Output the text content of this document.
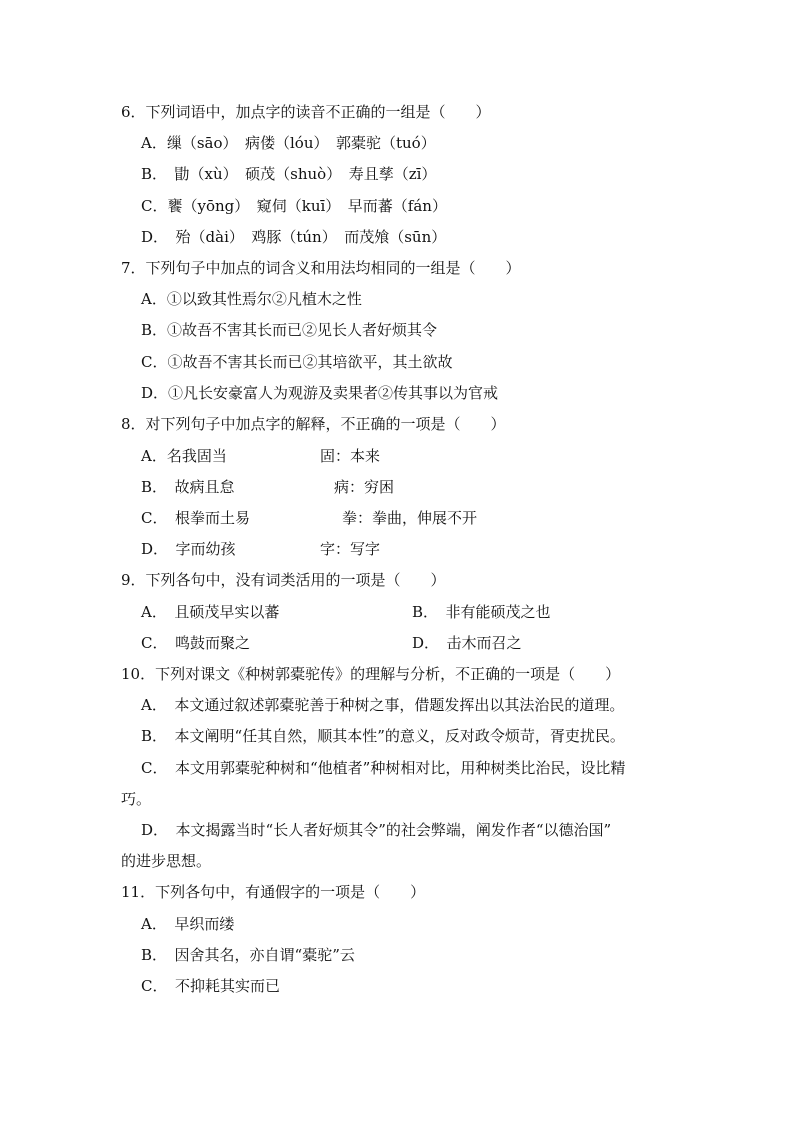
6．下列词语中，加点字的读音不正确的一组是（　　）
A．缫（sāo）　病偻（lóu）　郭橐驼（tuó）
B．　勖（xù）　硕茂（shuò）　寿且孳（zī）
C．饔（yōng）　窥伺（kuī）　早而蕃（fán）
D．　殆（dài）　鸡豚（tún）　而茂飧（sūn）
7．下列句子中加点的词含义和用法均相同的一组是（　　）
A．①以致其性焉尔②凡植木之性
B．①故吾不害其长而已②见长人者好烦其令
C．①故吾不害其长而已②其培欲平，其土欲故
D．①凡长安豪富人为观游及卖果者②传其事以为官戒
8．对下列句子中加点字的解释，不正确的一项是（　　）
A．名我固当	固：本来
B．　故病且怠	病：穷困
C．　根拳而土易	拳：拳曲，伸展不开
D．　字而幼孩	字：写字
9．下列各句中，没有词类活用的一项是（　　）
A．　且硕茂早实以蕃	B．　非有能硕茂之也
C．　鸣鼓而聚之	D．　击木而召之
10．下列对课文《种树郭橐驼传》的理解与分析，不正确的一项是（　　）
A．　本文通过叙述郭橐驼善于种树之事，借题发挥出以其法治民的道理。
B．　本文阐明“任其自然，顺其本性”的意义，反对政令烦苛，胥吏扰民。
C．　本文用郭橐驼种树和“他植者”种树相对比，用种树类比治民，设比精
巧。
D．　本文揭露当时“长人者好烦其令”的社会弊端，阐发作者“以德治国”
的进步思想。
11．下列各句中，有通假字的一项是（　　）
A．　早织而缕
B．　因舍其名，亦自谓“橐驼”云
C．　不抑耗其实而已
